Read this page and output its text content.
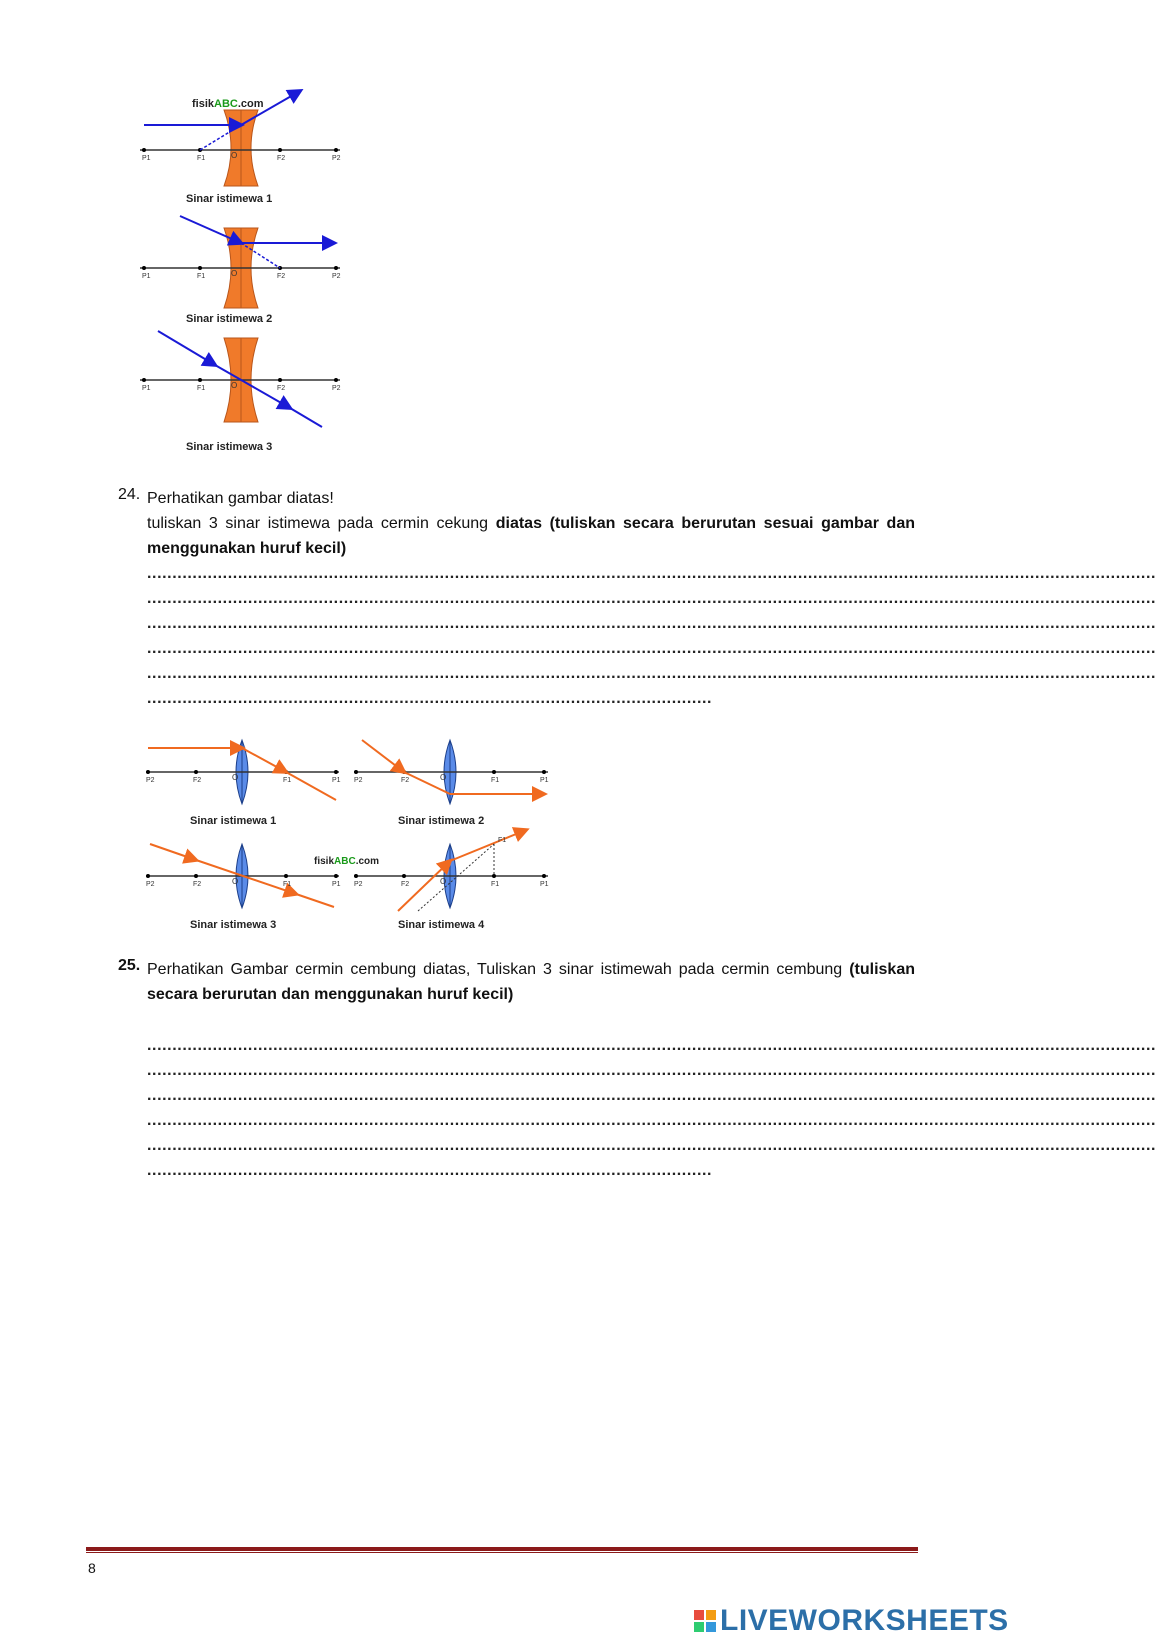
fisikABC.com
P1	F1	O	F2	P2
Sinar istimewa 1
P1	F1	O	F2	P2
Sinar istimewa 2
P1	F1	O	F2	P2
Sinar istimewa 3
24. Perhatikan gambar diatas!
tuliskan 3 sinar istimewa pada cermin cekung diatas (tuliskan secara berurutan sesuai gambar dan menggunakan huruf kecil)
........................................................................................................................................................................................................
........................................................................................................................................................................................................
........................................................................................................................................................................................................
........................................................................................................................................................................................................
........................................................................................................................................................................................................
................................................................................................................
P2	F2	O	F1	P1
Sinar istimewa 1
P2	F2	O	F1	P1
Sinar istimewa 2
fisikABC.com
P2	F2	O	F1	P1
Sinar istimewa 3
F1
P2	F2	O	F1	P1
Sinar istimewa 4
25. Perhatikan Gambar cermin cembung diatas, Tuliskan 3 sinar istimewah pada cermin cembung (tuliskan secara berurutan dan menggunakan huruf kecil)
........................................................................................................................................................................................................
........................................................................................................................................................................................................
........................................................................................................................................................................................................
........................................................................................................................................................................................................
........................................................................................................................................................................................................
................................................................................................................
8
LIVEWORKSHEETS
